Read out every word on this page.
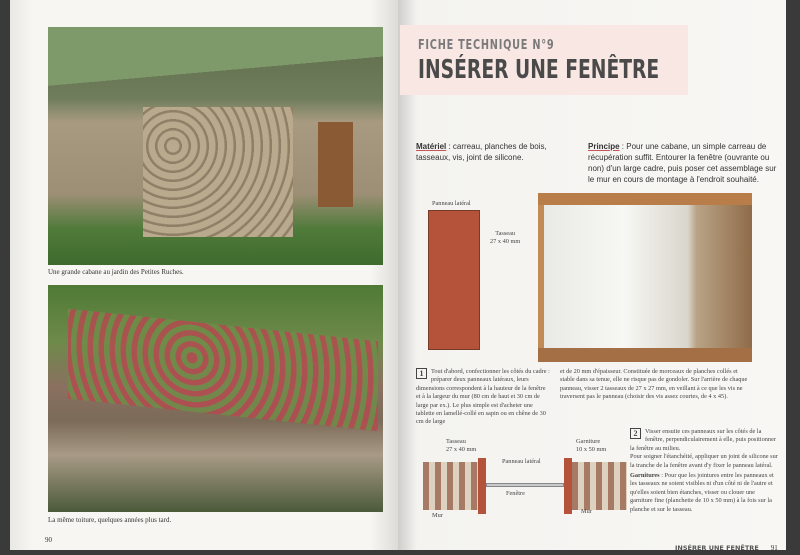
Une grande cabane au jardin des Petites Ruches.
La même toiture, quelques années plus tard.
90
FICHE TECHNIQUE N°9
INSÉRER UNE FENÊTRE
Matériel : carreau, planches de bois, tasseaux, vis, joint de silicone.
Principe : Pour une cabane, un simple carreau de récupération suffit. Entourer la fenêtre (ouvrante ou non) d'un large cadre, puis poser cet assemblage sur le mur en cours de montage à l'endroit souhaité.
Panneau latéral
Tasseau
27 x 40 mm
1	Tout d'abord, confectionner les côtés du cadre : préparer deux panneaux latéraux, leurs dimensions correspondent à la hauteur de la fenêtre et à la largeur du mur (80 cm de haut et 30 cm de large par ex.). Le plus simple est d'acheter une tablette en lamellé-collé en sapin ou en chêne de 30 cm de large
et de 20 mm d'épaisseur. Constituée de morceaux de planches collés et stable dans sa tenue, elle ne risque pas de gondoler. Sur l'arrière de chaque panneau, visser 2 tasseaux de 27 x 27 mm, en veillant à ce que les vis ne traversent pas le panneau (choisir des vis assez courtes, de 4 x 45).
Tasseau
27 x 40 mm
Garniture
10 x 50 mm
Panneau latéral
Fenêtre
Mur
Mur
2	Visser ensuite ces panneaux sur les côtés de la fenêtre, perpendiculairement à elle, puis positionner la fenêtre au milieu.
Pour soigner l'étanchéité, appliquer un joint de silicone sur la tranche de la fenêtre avant d'y fixer le panneau latéral.
Garnitures : Pour que les jointures entre les panneaux et les tasseaux ne soient visibles ni d'un côté ni de l'autre et qu'elles soient bien étanches, visser ou clouer une garniture fine (planchette de 10 x 50 mm) à la fois sur la planche et sur le tasseau.
INSÉRER UNE FENÊTRE 91
